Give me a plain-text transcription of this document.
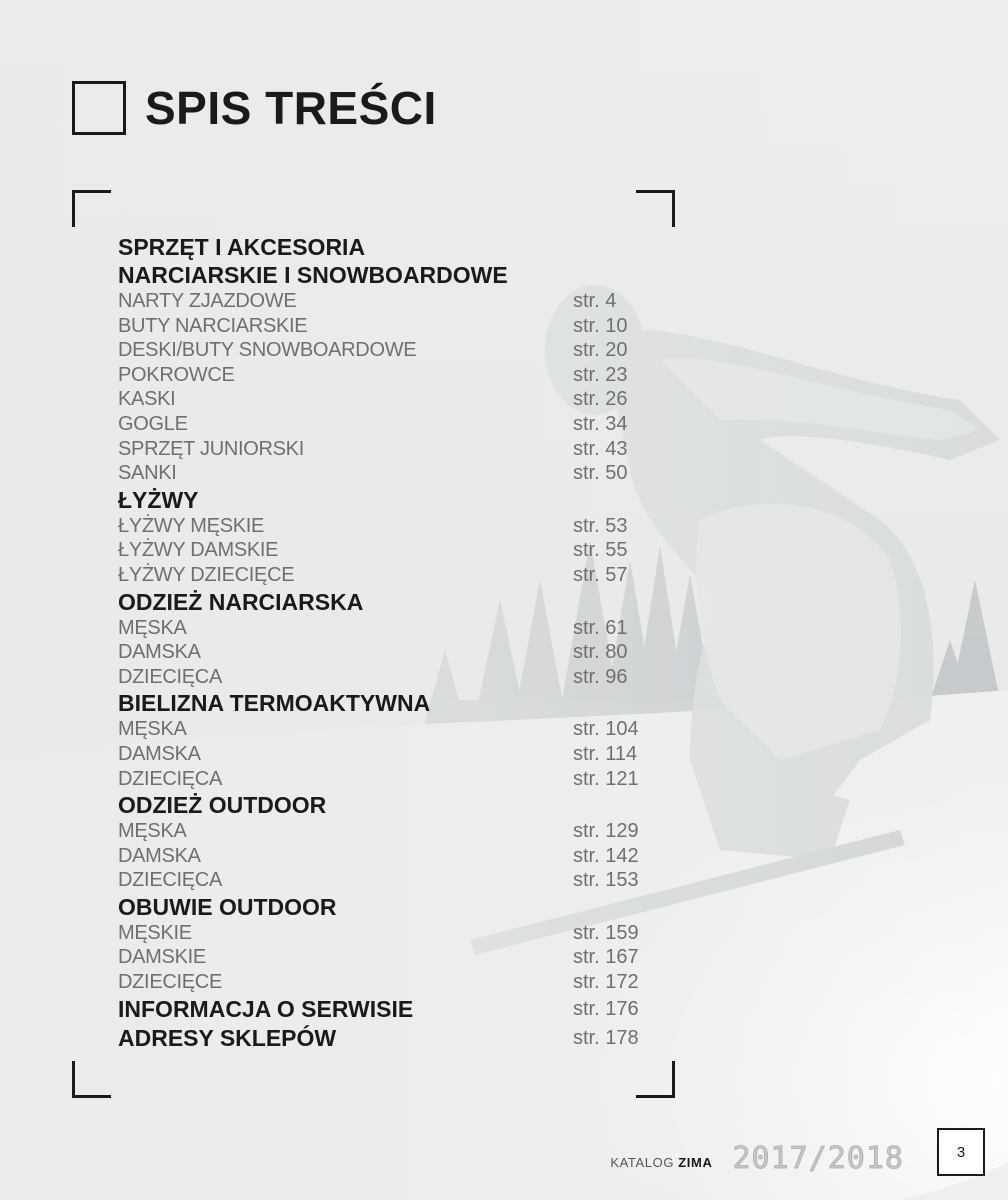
SPIS TREŚCI
SPRZĘT I AKCESORIA
NARCIARSKIE I SNOWBOARDOWE
NARTY ZJAZDOWE	str. 4
BUTY NARCIARSKIE	str. 10
DESKI/BUTY SNOWBOARDOWE	str. 20
POKROWCE	str. 23
KASKI	str. 26
GOGLE	str. 34
SPRZĘT JUNIORSKI	str. 43
SANKI	str. 50
ŁYŻWY
ŁYŻWY MĘSKIE	str. 53
ŁYŻWY DAMSKIE	str. 55
ŁYŻWY DZIECIĘCE	str. 57
ODZIEŻ NARCIARSKA
MĘSKA	str. 61
DAMSKA	str. 80
DZIECIĘCA	str. 96
BIELIZNA TERMOAKTYWNA
MĘSKA	str. 104
DAMSKA	str. 114
DZIECIĘCA	str. 121
ODZIEŻ OUTDOOR
MĘSKA	str. 129
DAMSKA	str. 142
DZIECIĘCA	str. 153
OBUWIE OUTDOOR
MĘSKIE	str. 159
DAMSKIE	str. 167
DZIECIĘCE	str. 172
INFORMACJA O SERWISIE	str. 176
ADRESY SKLEPÓW	str. 178
KATALOG ZIMA 2017/2018	3
